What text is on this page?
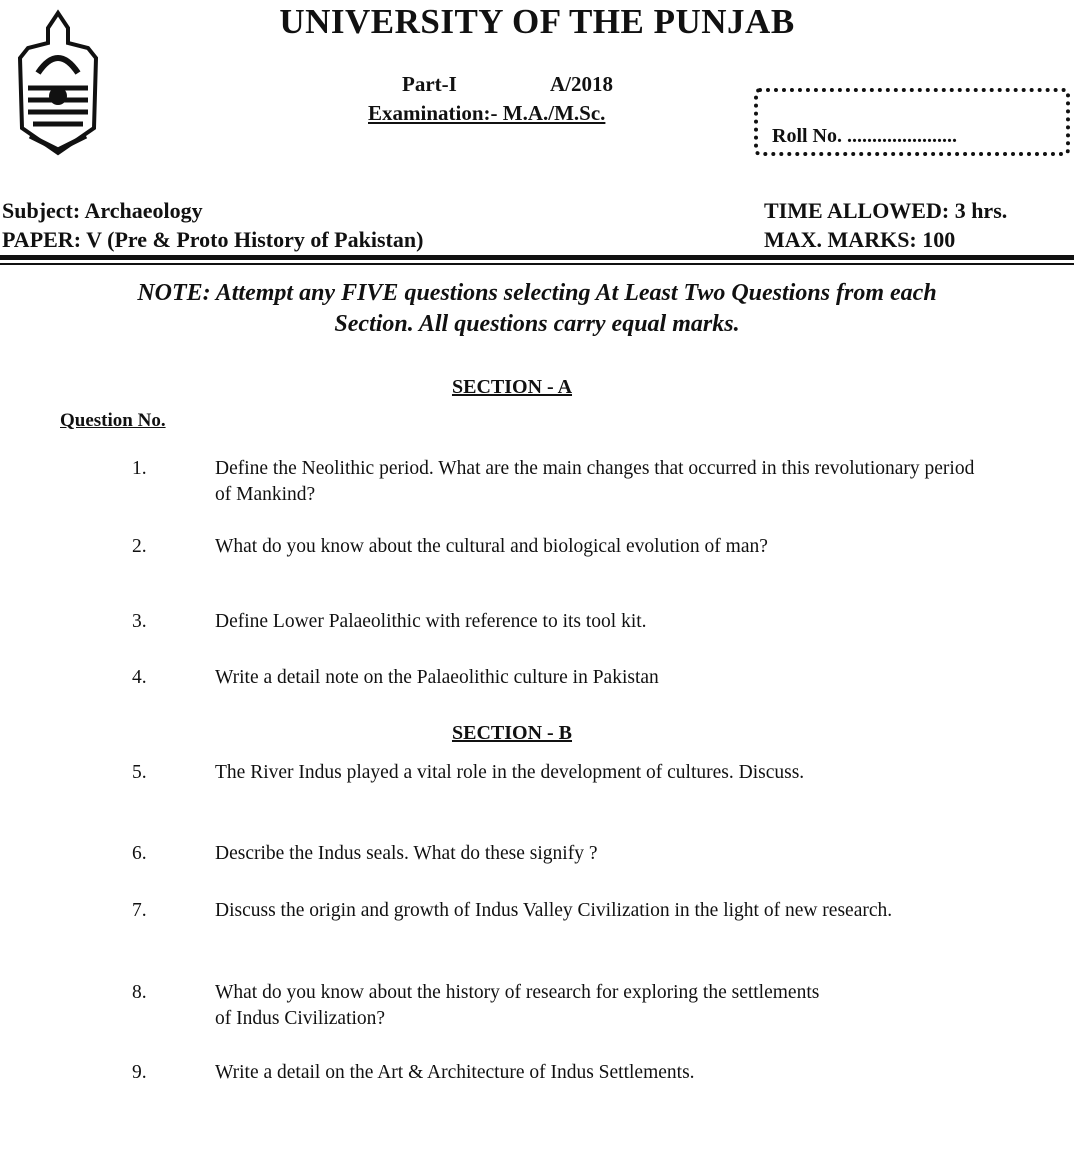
UNIVERSITY OF THE PUNJAB
Part-I	A/2018
Examination:- M.A./M.Sc.
Roll No. ......................
Subject: Archaeology
PAPER: V (Pre & Proto History of Pakistan)
TIME ALLOWED: 3 hrs.
MAX. MARKS: 100
NOTE: Attempt any FIVE questions selecting At Least Two Questions from each
Section. All questions carry equal marks.
SECTION - A
Question No.
1.	Define the Neolithic period. What are the main changes that occurred in this revolutionary period of Mankind?
2.	What do you know about the cultural and biological evolution of man?
3.	Define Lower Palaeolithic with reference to its tool kit.
4.	Write a detail note on the Palaeolithic culture in Pakistan
SECTION - B
5.	The River Indus played a vital role in the development of cultures. Discuss.
6.	Describe the Indus seals. What do these signify ?
7.	Discuss the origin and growth of Indus Valley Civilization in the light of new research.
8.	What do you know about the history of research for exploring the settlements of Indus Civilization?
9.	Write a detail on the Art & Architecture of Indus Settlements.
